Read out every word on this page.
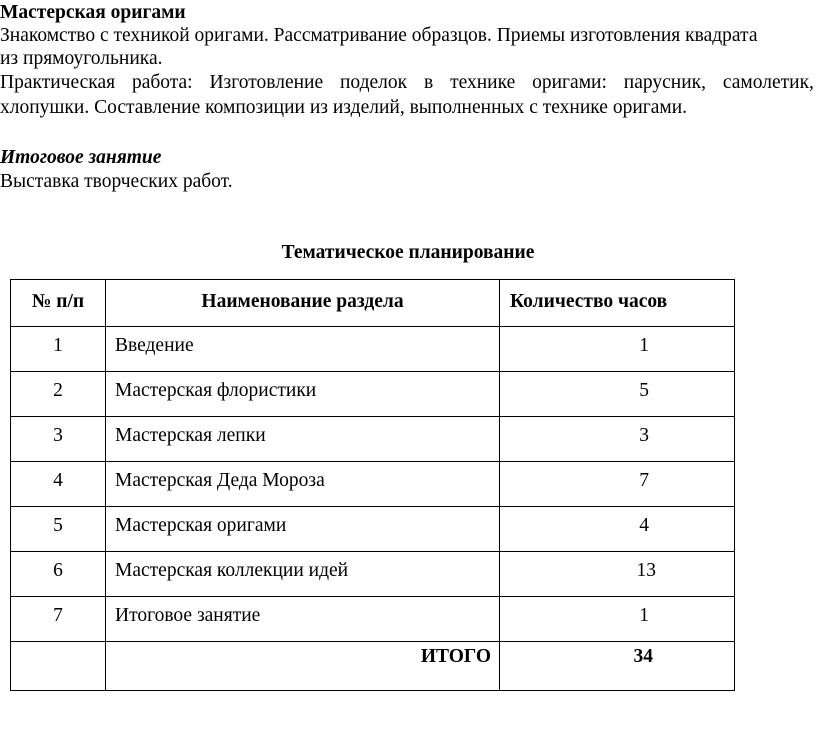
Мастерская оригами
Знакомство с техникой оригами. Рассматривание образцов. Приемы изготовления квадрата
из прямоугольника.
Практическая работа: Изготовление поделок в технике оригами: парусник, самолетик,
хлопушки. Составление композиции из изделий, выполненных с технике оригами.
Итоговое занятие
Выставка творческих работ.
Тематическое планирование
№ п/п	Наименование раздела	Количество часов
1	Введение	1
2	Мастерская флористики	5
3	Мастерская лепки	3
4	Мастерская Деда Мороза	7
5	Мастерская оригами	4
6	Мастерская коллекции идей	13
7	Итоговое занятие	1
	ИТОГО	34
